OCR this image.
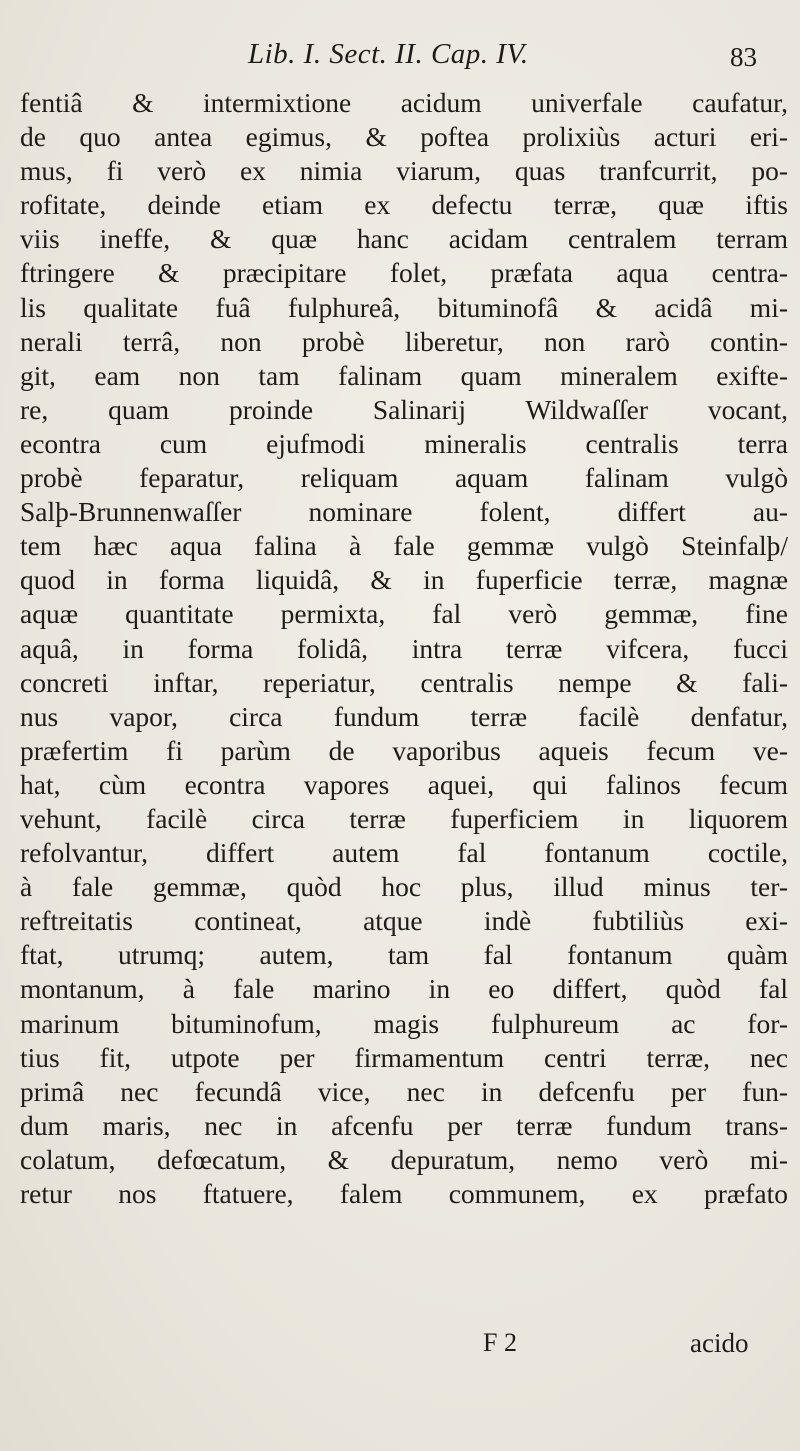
Lib. I. Sect. II. Cap. IV.	83
fentiâ & intermixtione acidum univerfale caufatur,
de quo antea egimus, & poftea prolixiùs acturi eri-
mus, fi verò ex nimia viarum, quas tranfcurrit, po-
rofitate, deinde etiam ex defectu terræ, quæ iftis
viis ineffe, & quæ hanc acidam centralem terram
ftringere & præcipitare folet, præfata aqua centra-
lis qualitate fuâ fulphureâ, bituminofâ & acidâ mi-
nerali terrâ, non probè liberetur, non rarò contin-
git, eam non tam falinam quam mineralem exifte-
re, quam proinde Salinarij Wildwaſſer vocant,
econtra cum ejufmodi mineralis centralis terra
probè feparatur, reliquam aquam falinam vulgò
Salþ-Brunnenwaſſer nominare folent, differt au-
tem hæc aqua falina à fale gemmæ vulgò Steinfalþ/
quod in forma liquidâ, & in fuperficie terræ, magnæ
aquæ quantitate permixta, fal verò gemmæ, fine
aquâ, in forma folidâ, intra terræ vifcera, fucci
concreti inftar, reperiatur, centralis nempe & fali-
nus vapor, circa fundum terræ facilè denfatur,
præfertim fi parùm de vaporibus aqueis fecum ve-
hat, cùm econtra vapores aquei, qui falinos fecum
vehunt, facilè circa terræ fuperficiem in liquorem
refolvantur, differt autem fal fontanum coctile,
à fale gemmæ, quòd hoc plus, illud minus ter-
reftreitatis contineat, atque indè fubtiliùs exi-
ftat, utrumq; autem, tam fal fontanum quàm
montanum, à fale marino in eo differt, quòd fal
marinum bituminofum, magis fulphureum ac for-
tius fit, utpote per firmamentum centri terræ, nec
primâ nec fecundâ vice, nec in defcenfu per fun-
dum maris, nec in afcenfu per terræ fundum trans-
colatum, defœcatum, & depuratum, nemo verò mi-
retur nos ftatuere, falem communem, ex præfato
F 2	acido
